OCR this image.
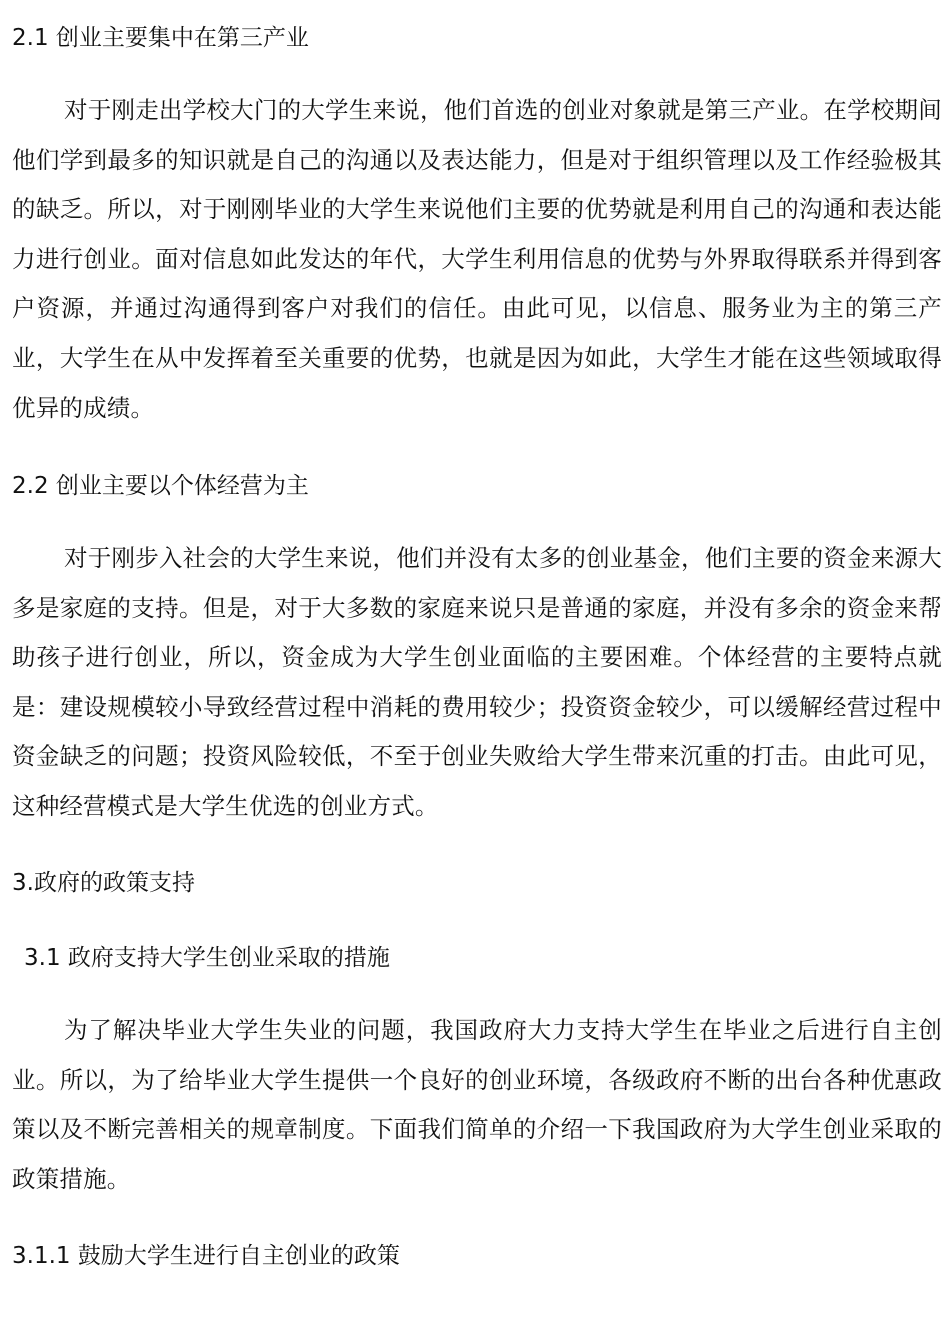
2.1 创业主要集中在第三产业

对于刚走出学校大门的大学生来说，他们首选的创业对象就是第三产业。在学校期间他们学到最多的知识就是自己的沟通以及表达能力，但是对于组织管理以及工作经验极其的缺乏。所以，对于刚刚毕业的大学生来说他们主要的优势就是利用自己的沟通和表达能力进行创业。面对信息如此发达的年代，大学生利用信息的优势与外界取得联系并得到客户资源，并通过沟通得到客户对我们的信任。由此可见，以信息、服务业为主的第三产业，大学生在从中发挥着至关重要的优势，也就是因为如此，大学生才能在这些领域取得优异的成绩。

2.2 创业主要以个体经营为主

对于刚步入社会的大学生来说，他们并没有太多的创业基金，他们主要的资金来源大多是家庭的支持。但是，对于大多数的家庭来说只是普通的家庭，并没有多余的资金来帮助孩子进行创业，所以，资金成为大学生创业面临的主要困难。个体经营的主要特点就是：建设规模较小导致经营过程中消耗的费用较少；投资资金较少，可以缓解经营过程中资金缺乏的问题；投资风险较低，不至于创业失败给大学生带来沉重的打击。由此可见，这种经营模式是大学生优选的创业方式。

3.政府的政策支持
3.1 政府支持大学生创业采取的措施

为了解决毕业大学生失业的问题，我国政府大力支持大学生在毕业之后进行自主创业。所以，为了给毕业大学生提供一个良好的创业环境，各级政府不断的出台各种优惠政策以及不断完善相关的规章制度。下面我们简单的介绍一下我国政府为大学生创业采取的政策措施。

3.1.1 鼓励大学生进行自主创业的政策
